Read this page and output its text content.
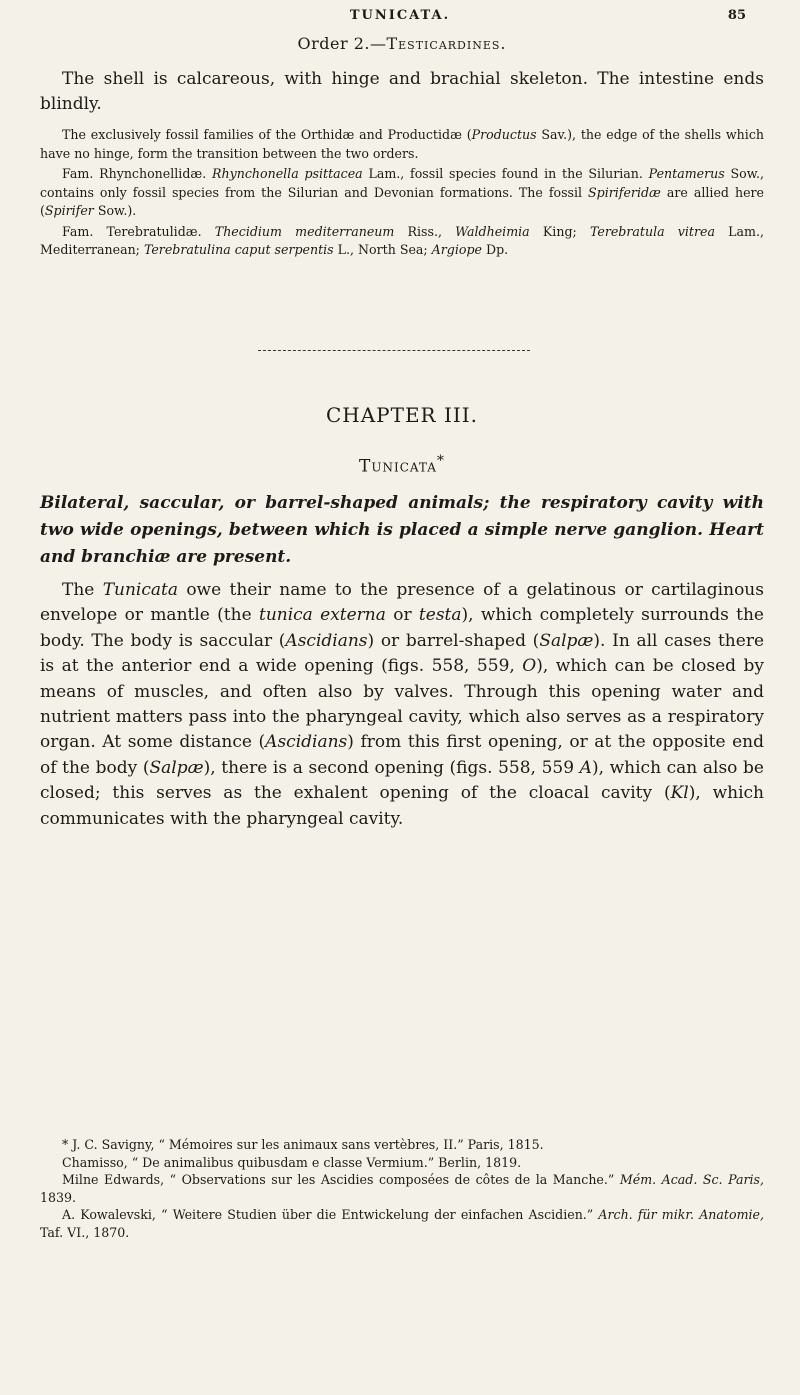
TUNICATA.	85
Order 2.—Testicardines.
The shell is calcareous, with hinge and brachial skeleton. The intestine ends blindly.

The exclusively fossil families of the Orthidæ and Productidæ (Productus Sav.), the edge of the shells which have no hinge, form the transition between the two orders.

Fam. Rhynchonellidæ. Rhynchonella psittacea Lam., fossil species found in the Silurian. Pentamerus Sow., contains only fossil species from the Silurian and Devonian formations. The fossil Spiriferidæ are allied here (Spirifer Sow.).

Fam. Terebratulidæ. Thecidium mediterraneum Riss., Waldheimia King; Terebratula vitrea Lam., Mediterranean; Terebratulina caput serpentis L., North Sea; Argiope Dp.

CHAPTER III.
Tunicata*
Bilateral, saccular, or barrel-shaped animals; the respiratory cavity with two wide openings, between which is placed a simple nerve ganglion. Heart and branchiæ are present.
The Tunicata owe their name to the presence of a gelatinous or cartilaginous envelope or mantle (the tunica externa or testa), which completely surrounds the body. The body is saccular (Ascidians) or barrel-shaped (Salpæ). In all cases there is at the anterior end a wide opening (figs. 558, 559, O), which can be closed by means of muscles, and often also by valves. Through this opening water and nutrient matters pass into the pharyngeal cavity, which also serves as a respiratory organ. At some distance (Ascidians) from this first opening, or at the opposite end of the body (Salpæ), there is a second opening (figs. 558, 559 A), which can also be closed; this serves as the exhalent opening of the cloacal cavity (Kl), which communicates with the pharyngeal cavity.

* J. C. Savigny, “ Mémoires sur les animaux sans vertèbres, II.” Paris, 1815.

Chamisso, “ De animalibus quibusdam e classe Vermium.” Berlin, 1819.

Milne Edwards, “ Observations sur les Ascidies composées de côtes de la Manche.” Mém. Acad. Sc. Paris, 1839.

A. Kowalevski, “ Weitere Studien über die Entwickelung der einfachen Ascidien.” Arch. für mikr. Anatomie, Taf. VI., 1870.
